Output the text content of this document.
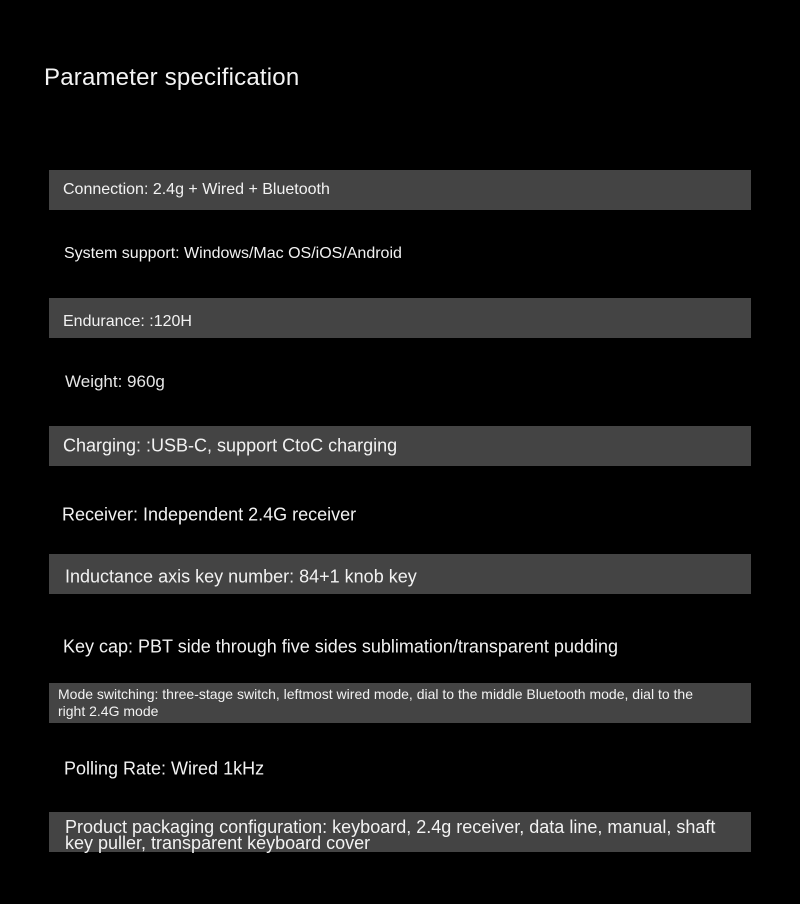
Parameter specification
Connection: 2.4g + Wired + Bluetooth
System support: Windows/Mac OS/iOS/Android
Endurance: :120H
Weight: 960g
Charging: :USB-C, support CtoC charging
Receiver: Independent 2.4G receiver
Inductance axis key number: 84+1 knob key
Key cap: PBT side through five sides sublimation/transparent pudding
Mode switching: three-stage switch, leftmost wired mode, dial to the middle Bluetooth mode, dial to the right 2.4G mode
Polling Rate: Wired 1kHz
Product packaging configuration: keyboard, 2.4g receiver, data line, manual, shaft key puller, transparent keyboard cover
